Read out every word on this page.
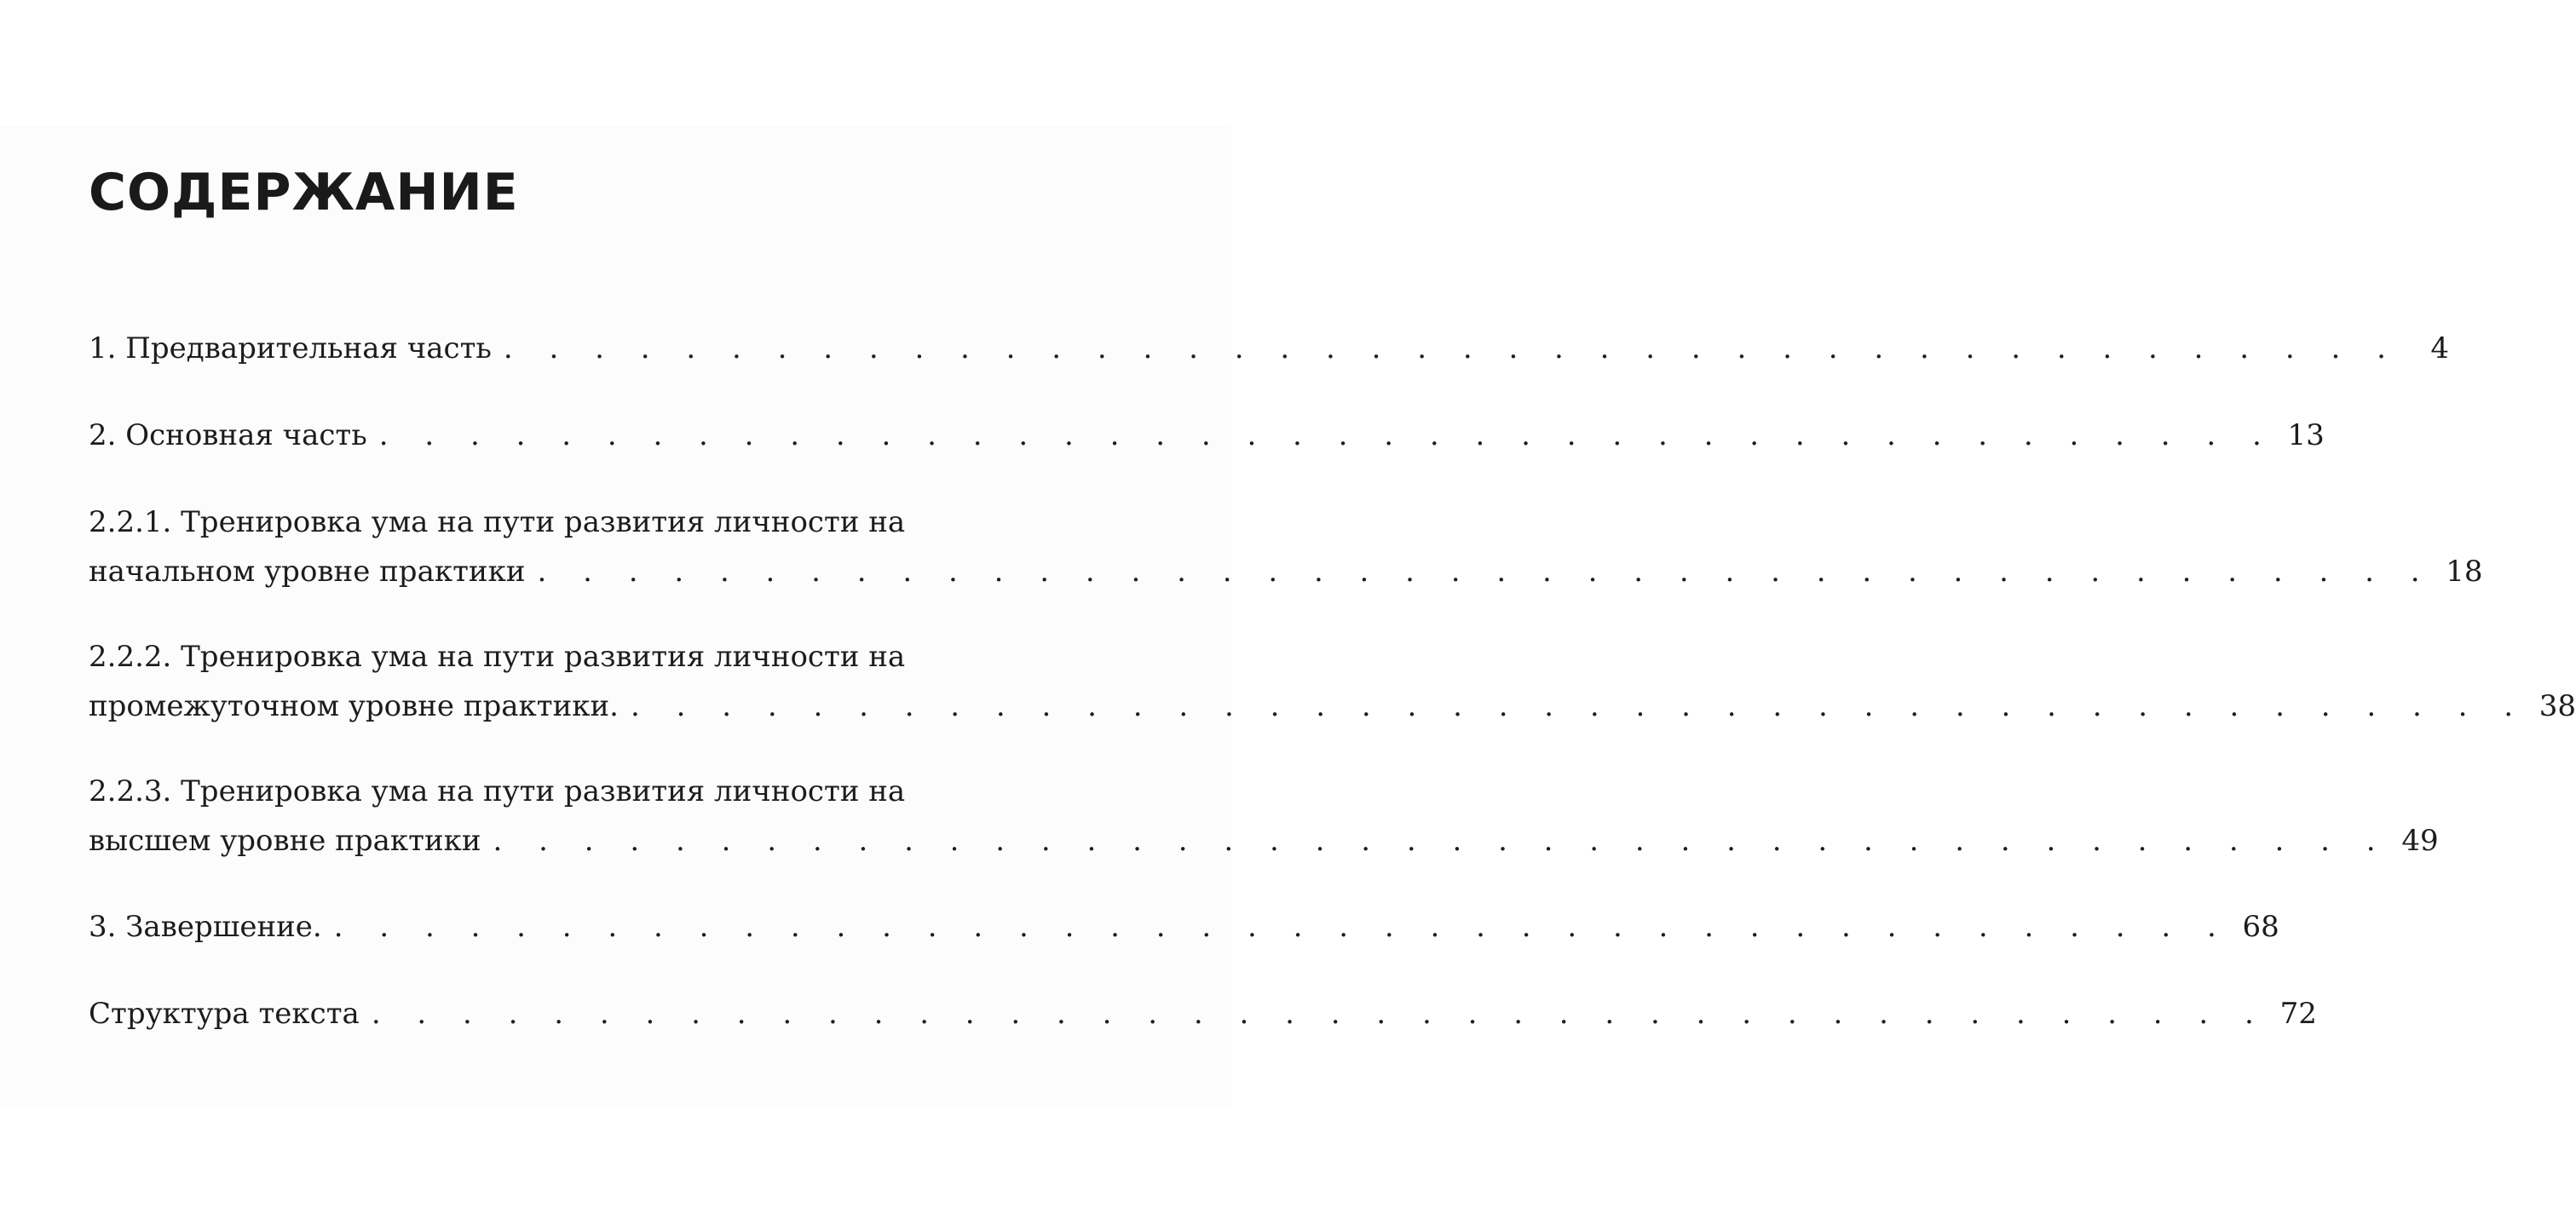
СОДЕРЖАНИЕ
1. Предварительная часть . . . . . . . . . . . . . . . . . . . . . . . . . . . . . . . . . . . . . . . . . .	4
2. Основная часть . . . . . . . . . . . . . . . . . . . . . . . . . . . . . . . . . . . . . . . . . . 13
2.2.1. Тренировка ума на пути развития личности на
начальном уровне практики . . . . . . . . . . . . . . . . . . . . . . . . . . . . . . . . . . . . . . . . . . 18
2.2.2. Тренировка ума на пути развития личности на
промежуточном уровне практики. . . . . . . . . . . . . . . . . . . . . . . . . . . . . . . . . . . . . . . . . . . 38
2.2.3. Тренировка ума на пути развития личности на
высшем уровне практики . . . . . . . . . . . . . . . . . . . . . . . . . . . . . . . . . . . . . . . . . . 49
3. Завершение. . . . . . . . . . . . . . . . . . . . . . . . . . . . . . . . . . . . . . . . . . . 68
Структура текста . . . . . . . . . . . . . . . . . . . . . . . . . . . . . . . . . . . . . . . . . . 72
